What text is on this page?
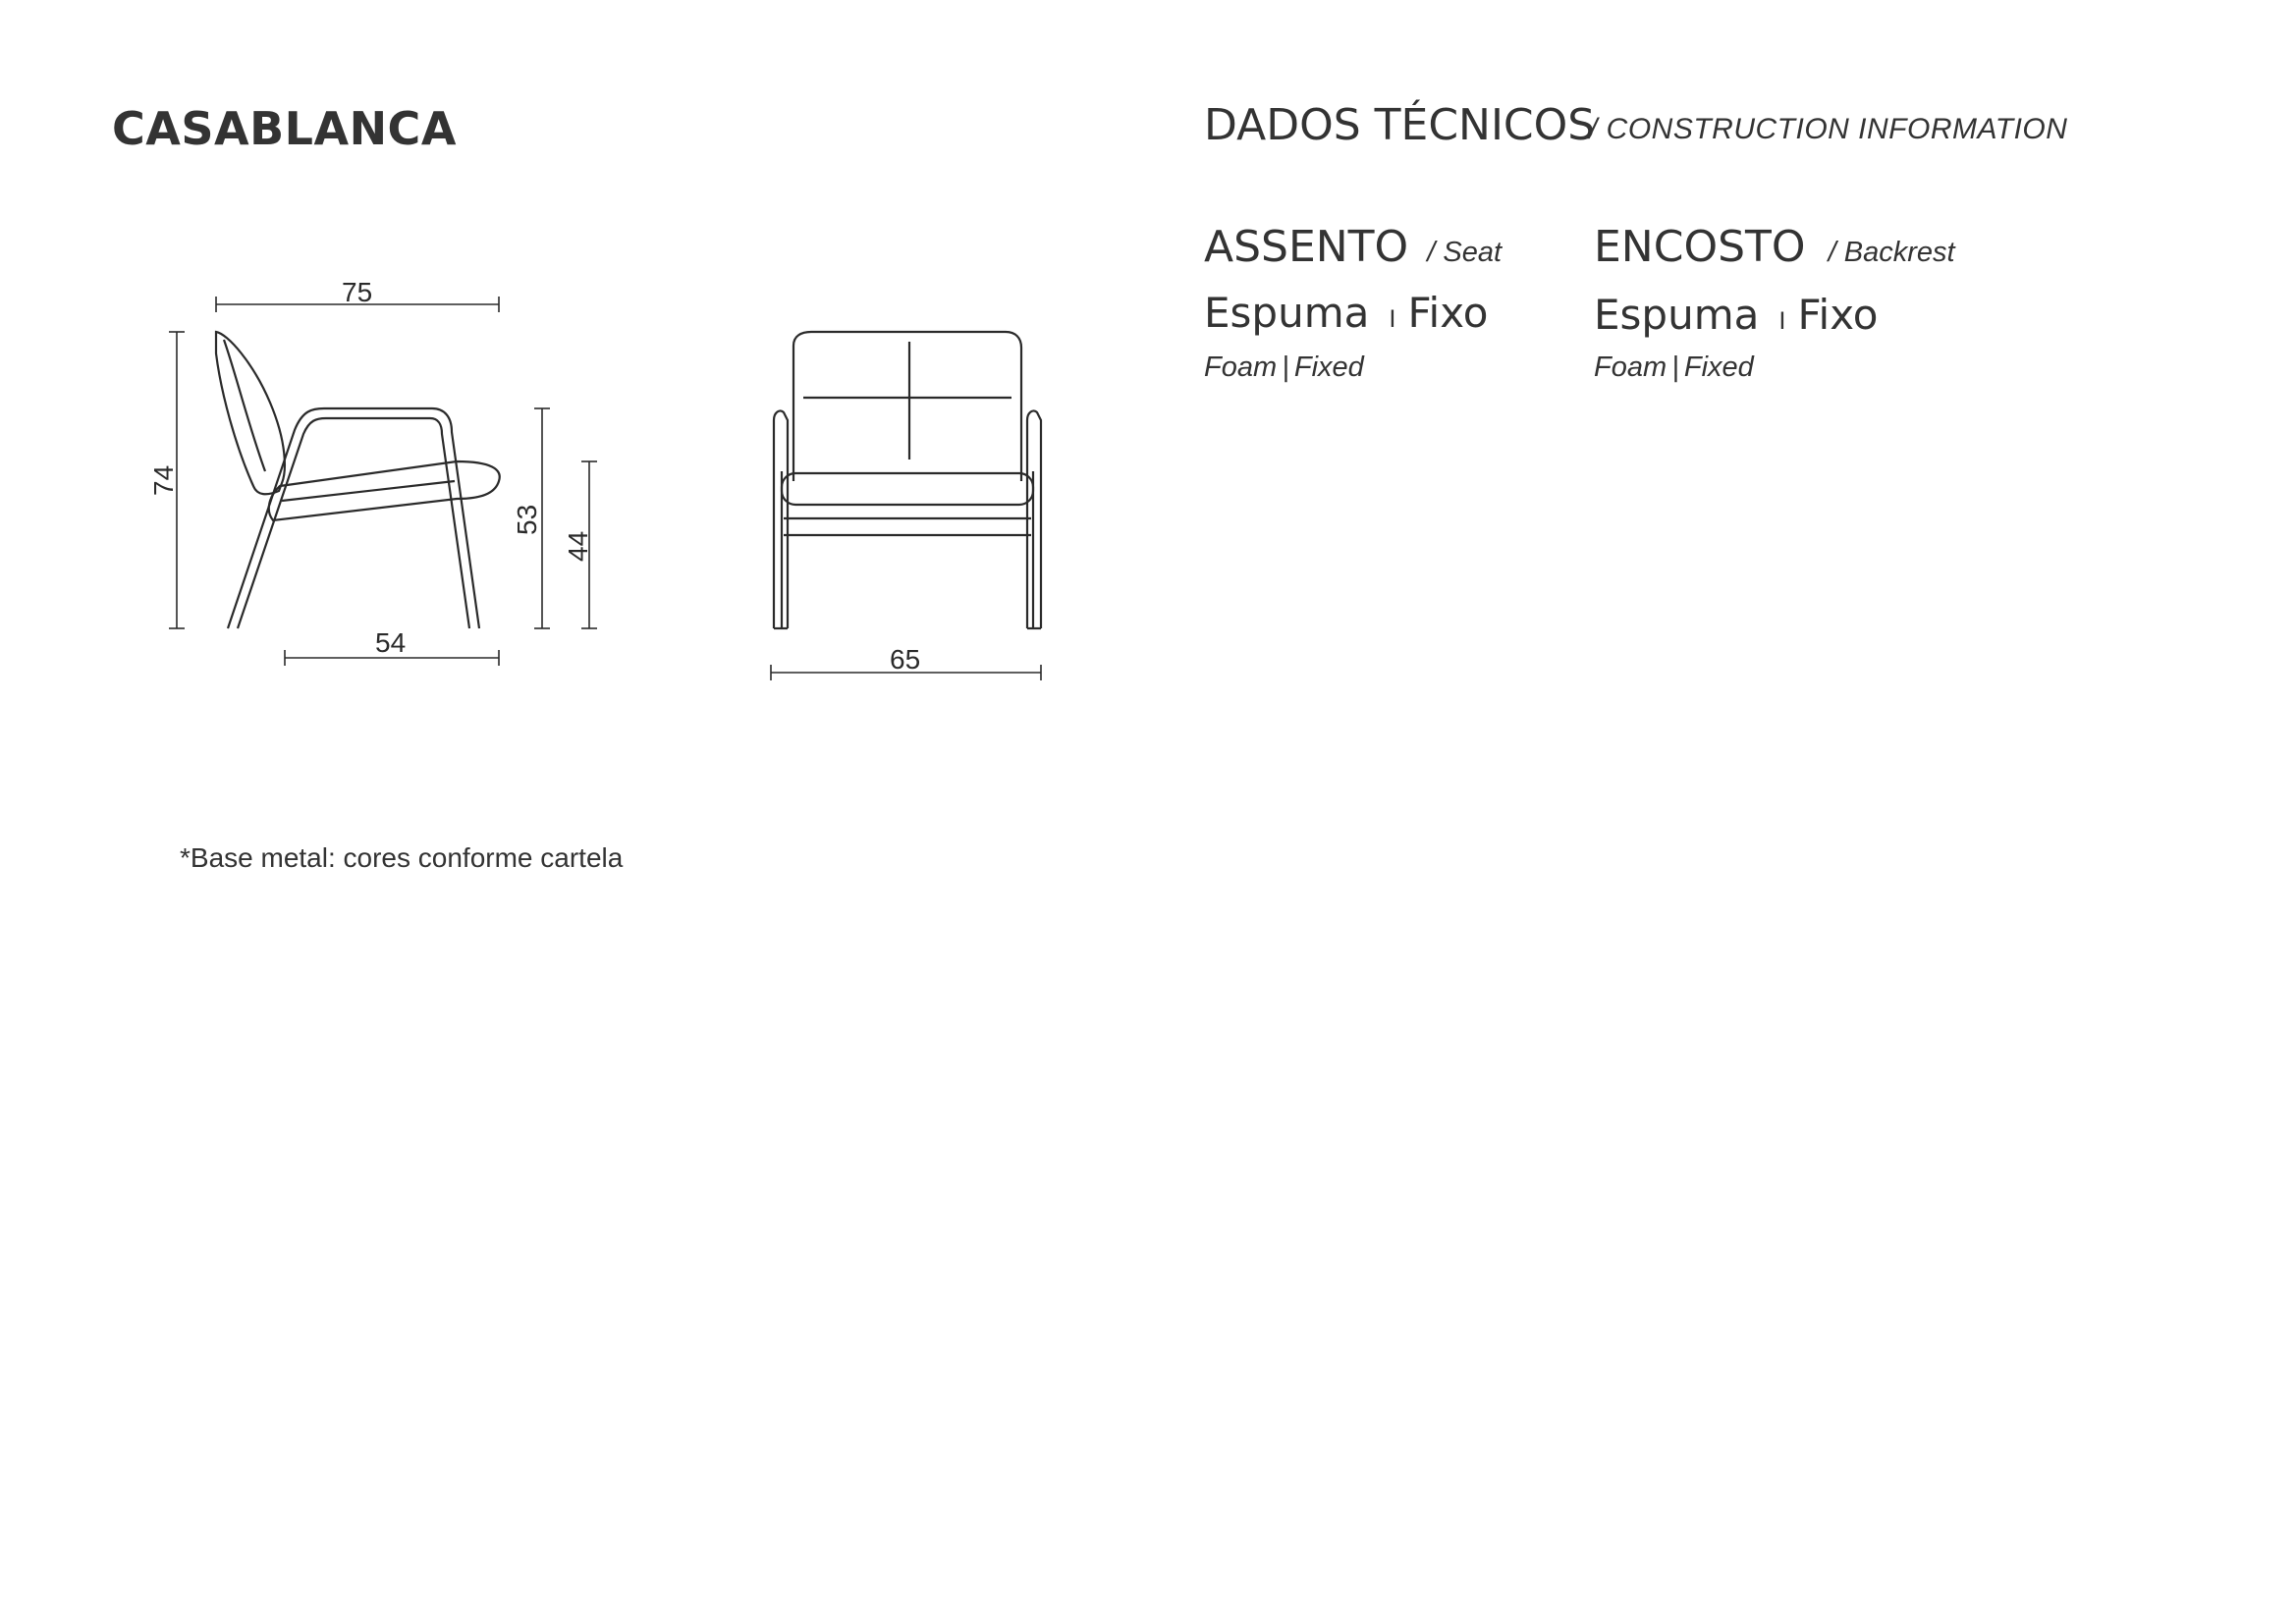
CASABLANCA	DADOS TÉCNICOS
/ CONSTRUCTION INFORMATION
ASSENTO / Seat
Espuma I Fixo
Foam | Fixed
ENCOSTO / Backrest
Espuma I Fixo
Foam | Fixed
75
74
54
53
44
65
*Base metal: cores conforme cartela
